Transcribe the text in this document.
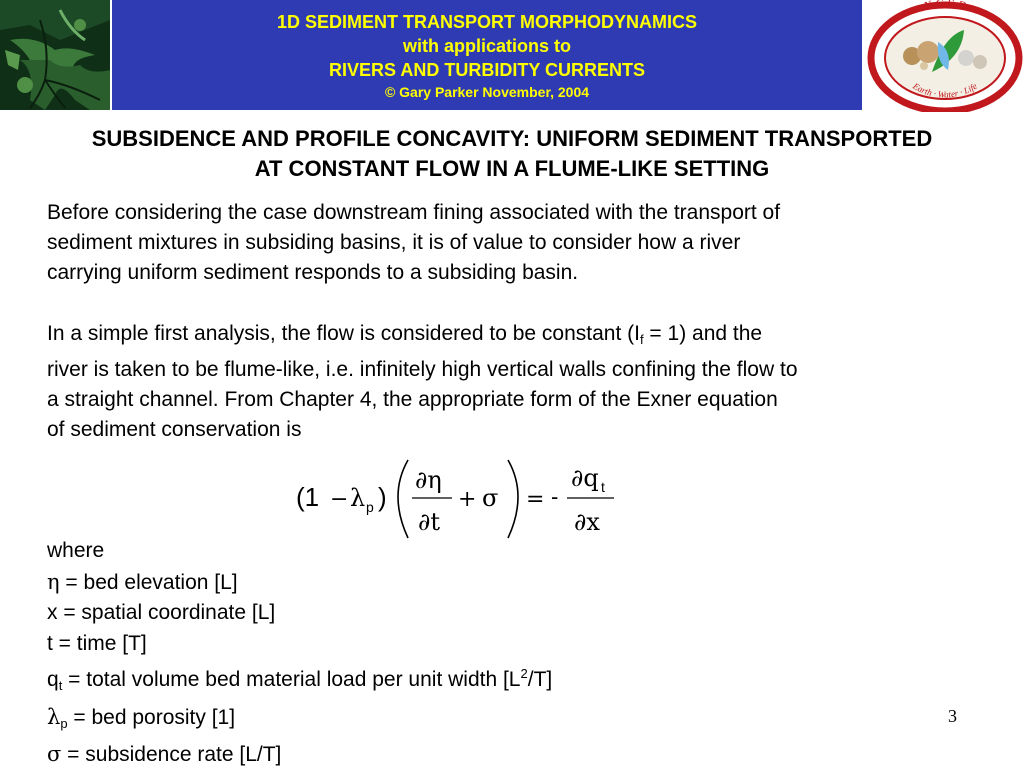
1D SEDIMENT TRANSPORT MORPHODYNAMICS
with applications to
RIVERS AND TURBIDITY CURRENTS
© Gary Parker November, 2004
N C E D
Earth · Water · Life
SUBSIDENCE AND PROFILE CONCAVITY: UNIFORM SEDIMENT TRANSPORTED
AT CONSTANT FLOW IN A FLUME-LIKE SETTING
Before considering the case downstream fining associated with the transport of
sediment mixtures in subsiding basins, it is of value to consider how a river
carrying uniform sediment responds to a subsiding basin.
In a simple first analysis, the flow is considered to be constant $(I_f = 1)$ and the
river is taken to be flume-like, i.e. infinitely high vertical walls confining the flow to
a straight channel. From Chapter 4, the appropriate form of the Exner equation
of sediment conservation is
(1 − λ p )
∂η
∂t
+ σ = -
∂q t
∂x
where
η = bed elevation [L]
x = spatial coordinate [L]
t = time [T]
$q_t$ = total volume bed material load per unit width $[L^2/T]$
$\lambda_p$ = bed porosity [1]
σ = subsidence rate [L/T]
3
